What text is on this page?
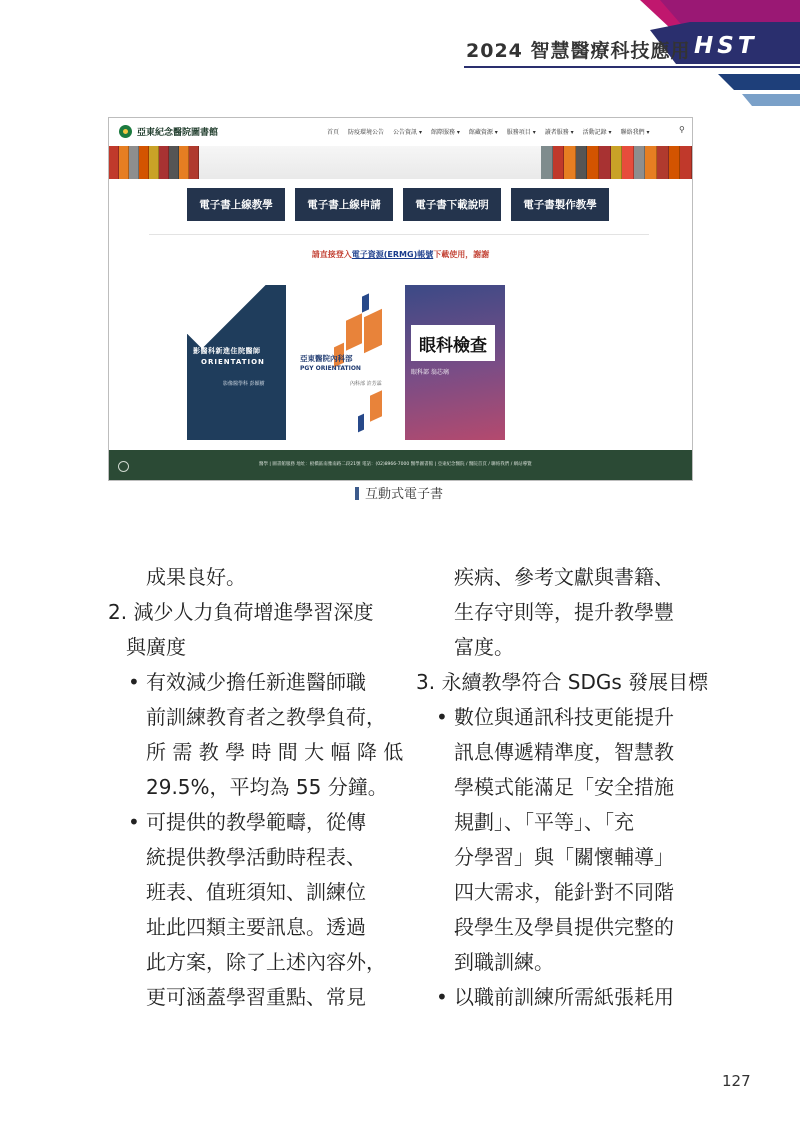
2024 智慧醫療科技應用 HST
亞東紀念醫院圖書館	首頁 防疫環境公告 公告資訊 ▾ 館際服務 ▾ 館藏資源 ▾ 服務項目 ▾ 讀者服務 ▾ 活動記錄 ▾ 聯絡我們 ▾	⚲
電子書上線教學	電子書上線申請	電子書下載說明	電子書製作教學
請直接登入電子資源(ERMG)帳號下載使用，謝謝
影醫科新進住院醫師
ORIENTATION
影像醫學科 彭穎樹
亞東醫院內科部
PGY ORIENTATION
內科部 許芳霖
眼科檢查
眼科部 翁芯璃
醫學 | 圖書館服務 地址：板橋區南雅南路二段21號 電話：(02)8966-7000 醫學圖書館 | 亞東紀念醫院 / 醫院首頁 / 聯絡我們 / 網站導覽
互動式電子書
成果良好。
2. 減少人力負荷增進學習深度
與廣度
• 有效減少擔任新進醫師職
前訓練教育者之教學負荷，
所 需 教 學 時 間 大 幅 降 低
29.5%，平均為 55 分鐘。
• 可提供的教學範疇，從傳
統提供教學活動時程表、
班表、值班須知、訓練位
址此四類主要訊息。透過
此方案，除了上述內容外，
更可涵蓋學習重點、常見
疾病、參考文獻與書籍、
生存守則等，提升教學豐
富度。
3. 永續教學符合 SDGs 發展目標
• 數位與通訊科技更能提升
訊息傳遞精準度，智慧教
學模式能滿足「安全措施
規劃」、「平等」、「充
分學習」與「關懷輔導」
四大需求，能針對不同階
段學生及學員提供完整的
到職訓練。
• 以職前訓練所需紙張耗用
127
